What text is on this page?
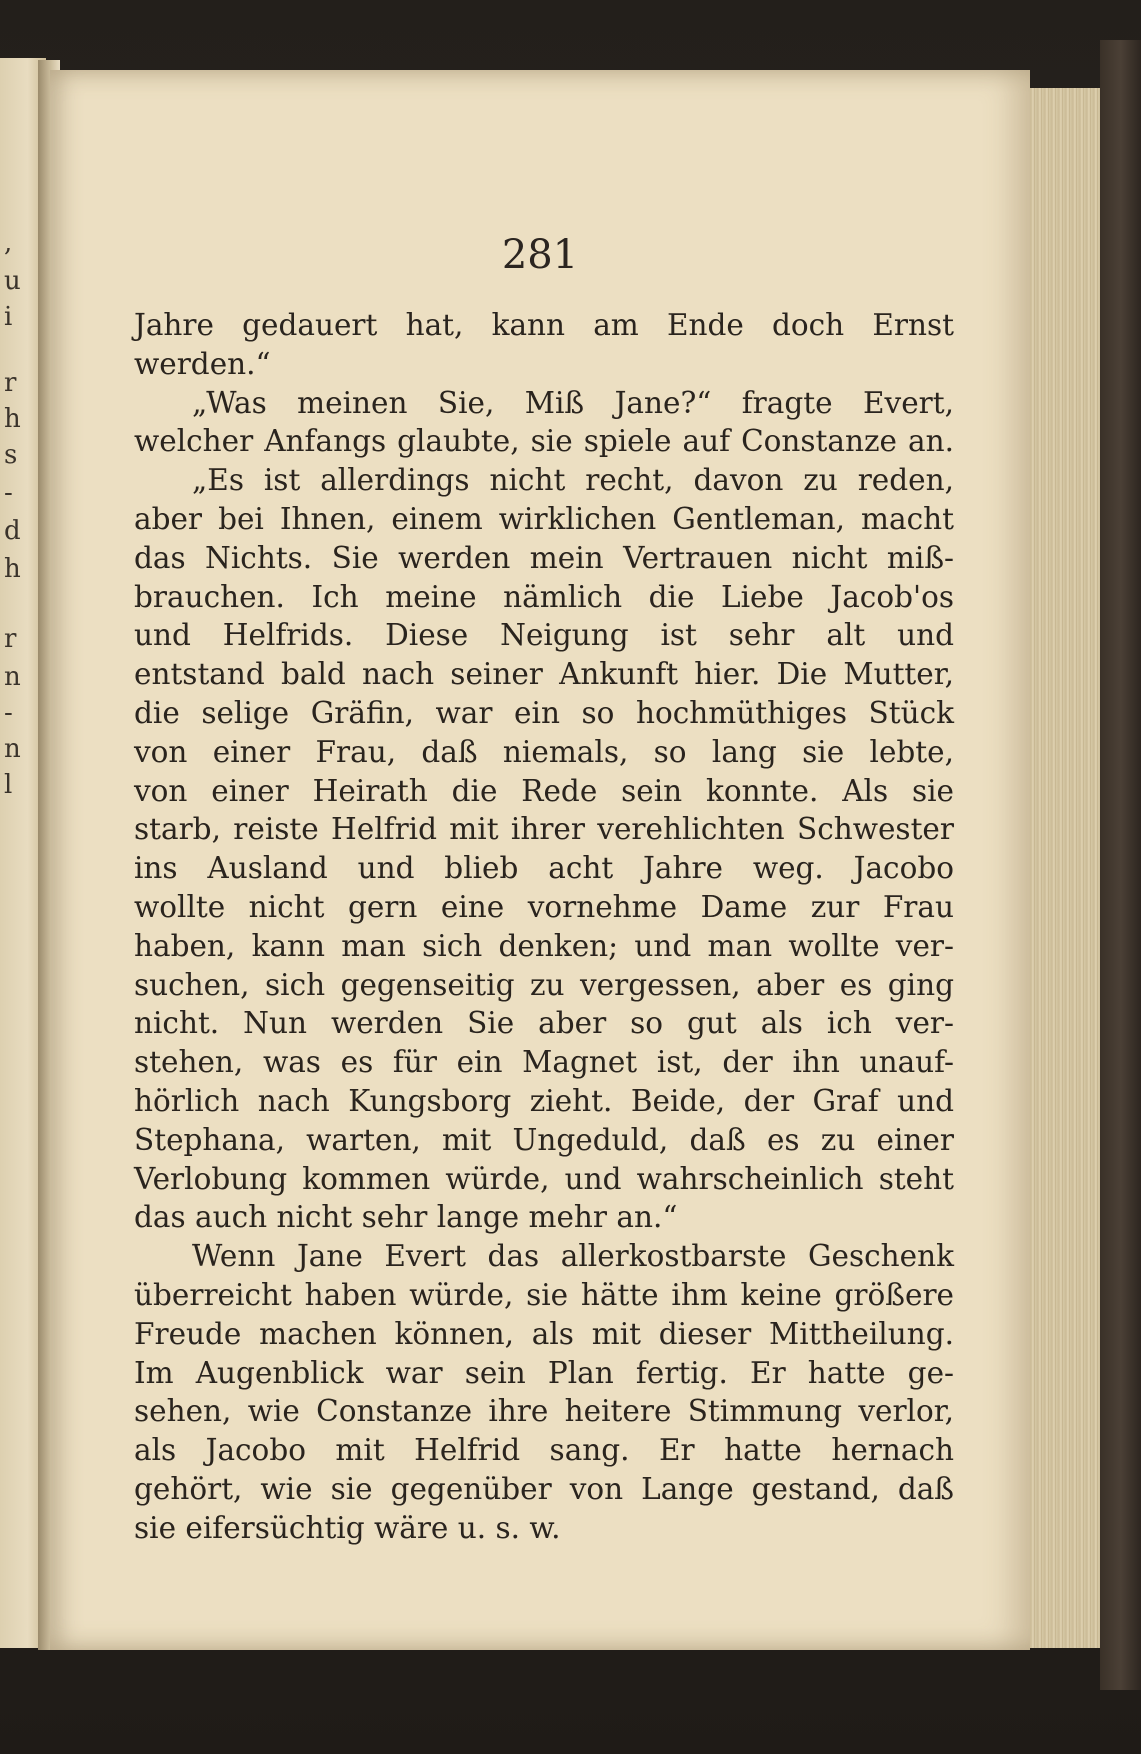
,
u
i
r
h
s
-
d
h
r
n
-
n
l
281
Jahre gedauert hat, kann am Ende doch Ernst
werden.“
„Was meinen Sie, Miß Jane?“ fragte Evert,
welcher Anfangs glaubte, sie spiele auf Constanze an.
„Es ist allerdings nicht recht, davon zu reden,
aber bei Ihnen, einem wirklichen Gentleman, macht
das Nichts. Sie werden mein Vertrauen nicht miß-
brauchen. Ich meine nämlich die Liebe Jacob'os
und Helfrids. Diese Neigung ist sehr alt und
entstand bald nach seiner Ankunft hier. Die Mutter,
die selige Gräfin, war ein so hochmüthiges Stück
von einer Frau, daß niemals, so lang sie lebte,
von einer Heirath die Rede sein konnte. Als sie
starb, reiste Helfrid mit ihrer verehlichten Schwester
ins Ausland und blieb acht Jahre weg. Jacobo
wollte nicht gern eine vornehme Dame zur Frau
haben, kann man sich denken; und man wollte ver-
suchen, sich gegenseitig zu vergessen, aber es ging
nicht. Nun werden Sie aber so gut als ich ver-
stehen, was es für ein Magnet ist, der ihn unauf-
hörlich nach Kungsborg zieht. Beide, der Graf und
Stephana, warten, mit Ungeduld, daß es zu einer
Verlobung kommen würde, und wahrscheinlich steht
das auch nicht sehr lange mehr an.“
Wenn Jane Evert das allerkostbarste Geschenk
überreicht haben würde, sie hätte ihm keine größere
Freude machen können, als mit dieser Mittheilung.
Im Augenblick war sein Plan fertig. Er hatte ge-
sehen, wie Constanze ihre heitere Stimmung verlor,
als Jacobo mit Helfrid sang. Er hatte hernach
gehört, wie sie gegenüber von Lange gestand, daß
sie eifersüchtig wäre u. s. w.
